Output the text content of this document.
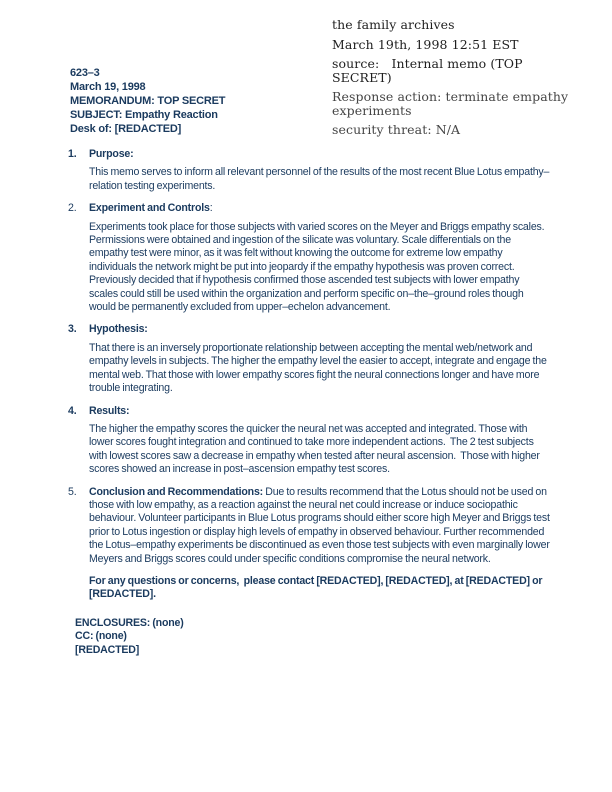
the family archives
March 19th, 1998 12:51 EST
source:   Internal memo (TOP SECRET)
Response action: terminate empathy experiments
security threat: N/A
623–3
March 19, 1998
MEMORANDUM: TOP SECRET
SUBJECT: Empathy Reaction
Desk of: [REDACTED]
1.	Purpose:
This memo serves to inform all relevant personnel of the results of the most recent Blue Lotus empathy–relation testing experiments.
2.	Experiment and Controls:
Experiments took place for those subjects with varied scores on the Meyer and Briggs empathy scales.  Permissions were obtained and ingestion of the silicate was voluntary. Scale differentials on the empathy test were minor, as it was felt without knowing the outcome for extreme low empathy individuals the network might be put into jeopardy if the empathy hypothesis was proven correct. Previously decided that if hypothesis confirmed those ascended test subjects with lower empathy scales could still be used within the organization and perform specific on–the–ground roles though would be permanently excluded from upper–echelon advancement.
3.	Hypothesis:
That there is an inversely proportionate relationship between accepting the mental web/network and empathy levels in subjects. The higher the empathy level the easier to accept, integrate and engage the mental web. That those with lower empathy scores fight the neural connections longer and have more trouble integrating.
4.	Results:
The higher the empathy scores the quicker the neural net was accepted and integrated. Those with lower scores fought integration and continued to take more independent actions.  The 2 test subjects with lowest scores saw a decrease in empathy when tested after neural ascension.  Those with higher scores showed an increase in post–ascension empathy test scores.
5.	Conclusion and Recommendations: Due to results recommend that the Lotus should not be used on those with low empathy, as a reaction against the neural net could increase or induce sociopathic behaviour. Volunteer participants in Blue Lotus programs should either score high Meyer and Briggs test prior to Lotus ingestion or display high levels of empathy in observed behaviour. Further recommended the Lotus–empathy experiments be discontinued as even those test subjects with even marginally lower Meyers and Briggs scores could under specific conditions compromise the neural network.
For any questions or concerns,  please contact [REDACTED], [REDACTED], at [REDACTED] or [REDACTED].
ENCLOSURES: (none)
CC: (none)
[REDACTED]
